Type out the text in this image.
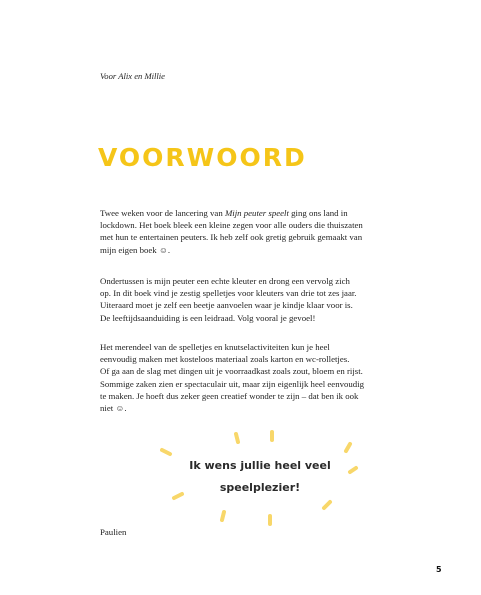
Voor Alix en Millie
VOORWOORD
Twee weken voor de lancering van Mijn peuter speelt ging ons land in
lockdown. Het boek bleek een kleine zegen voor alle ouders die thuiszaten
met hun te entertainen peuters. Ik heb zelf ook gretig gebruik gemaakt van
mijn eigen boek ☺.
Ondertussen is mijn peuter een echte kleuter en drong een vervolg zich
op. In dit boek vind je zestig spelletjes voor kleuters van drie tot zes jaar.
Uiteraard moet je zelf een beetje aanvoelen waar je kindje klaar voor is.
De leeftijdsaanduiding is een leidraad. Volg vooral je gevoel!
Het merendeel van de spelletjes en knutselactiviteiten kun je heel
eenvoudig maken met kosteloos materiaal zoals karton en wc-rolletjes.
Of ga aan de slag met dingen uit je voorraadkast zoals zout, bloem en rijst.
Sommige zaken zien er spectaculair uit, maar zijn eigenlijk heel eenvoudig
te maken. Je hoeft dus zeker geen creatief wonder te zijn – dat ben ik ook
niet ☺.
Ik wens jullie heel veel
speelplezier!
Paulien
5
